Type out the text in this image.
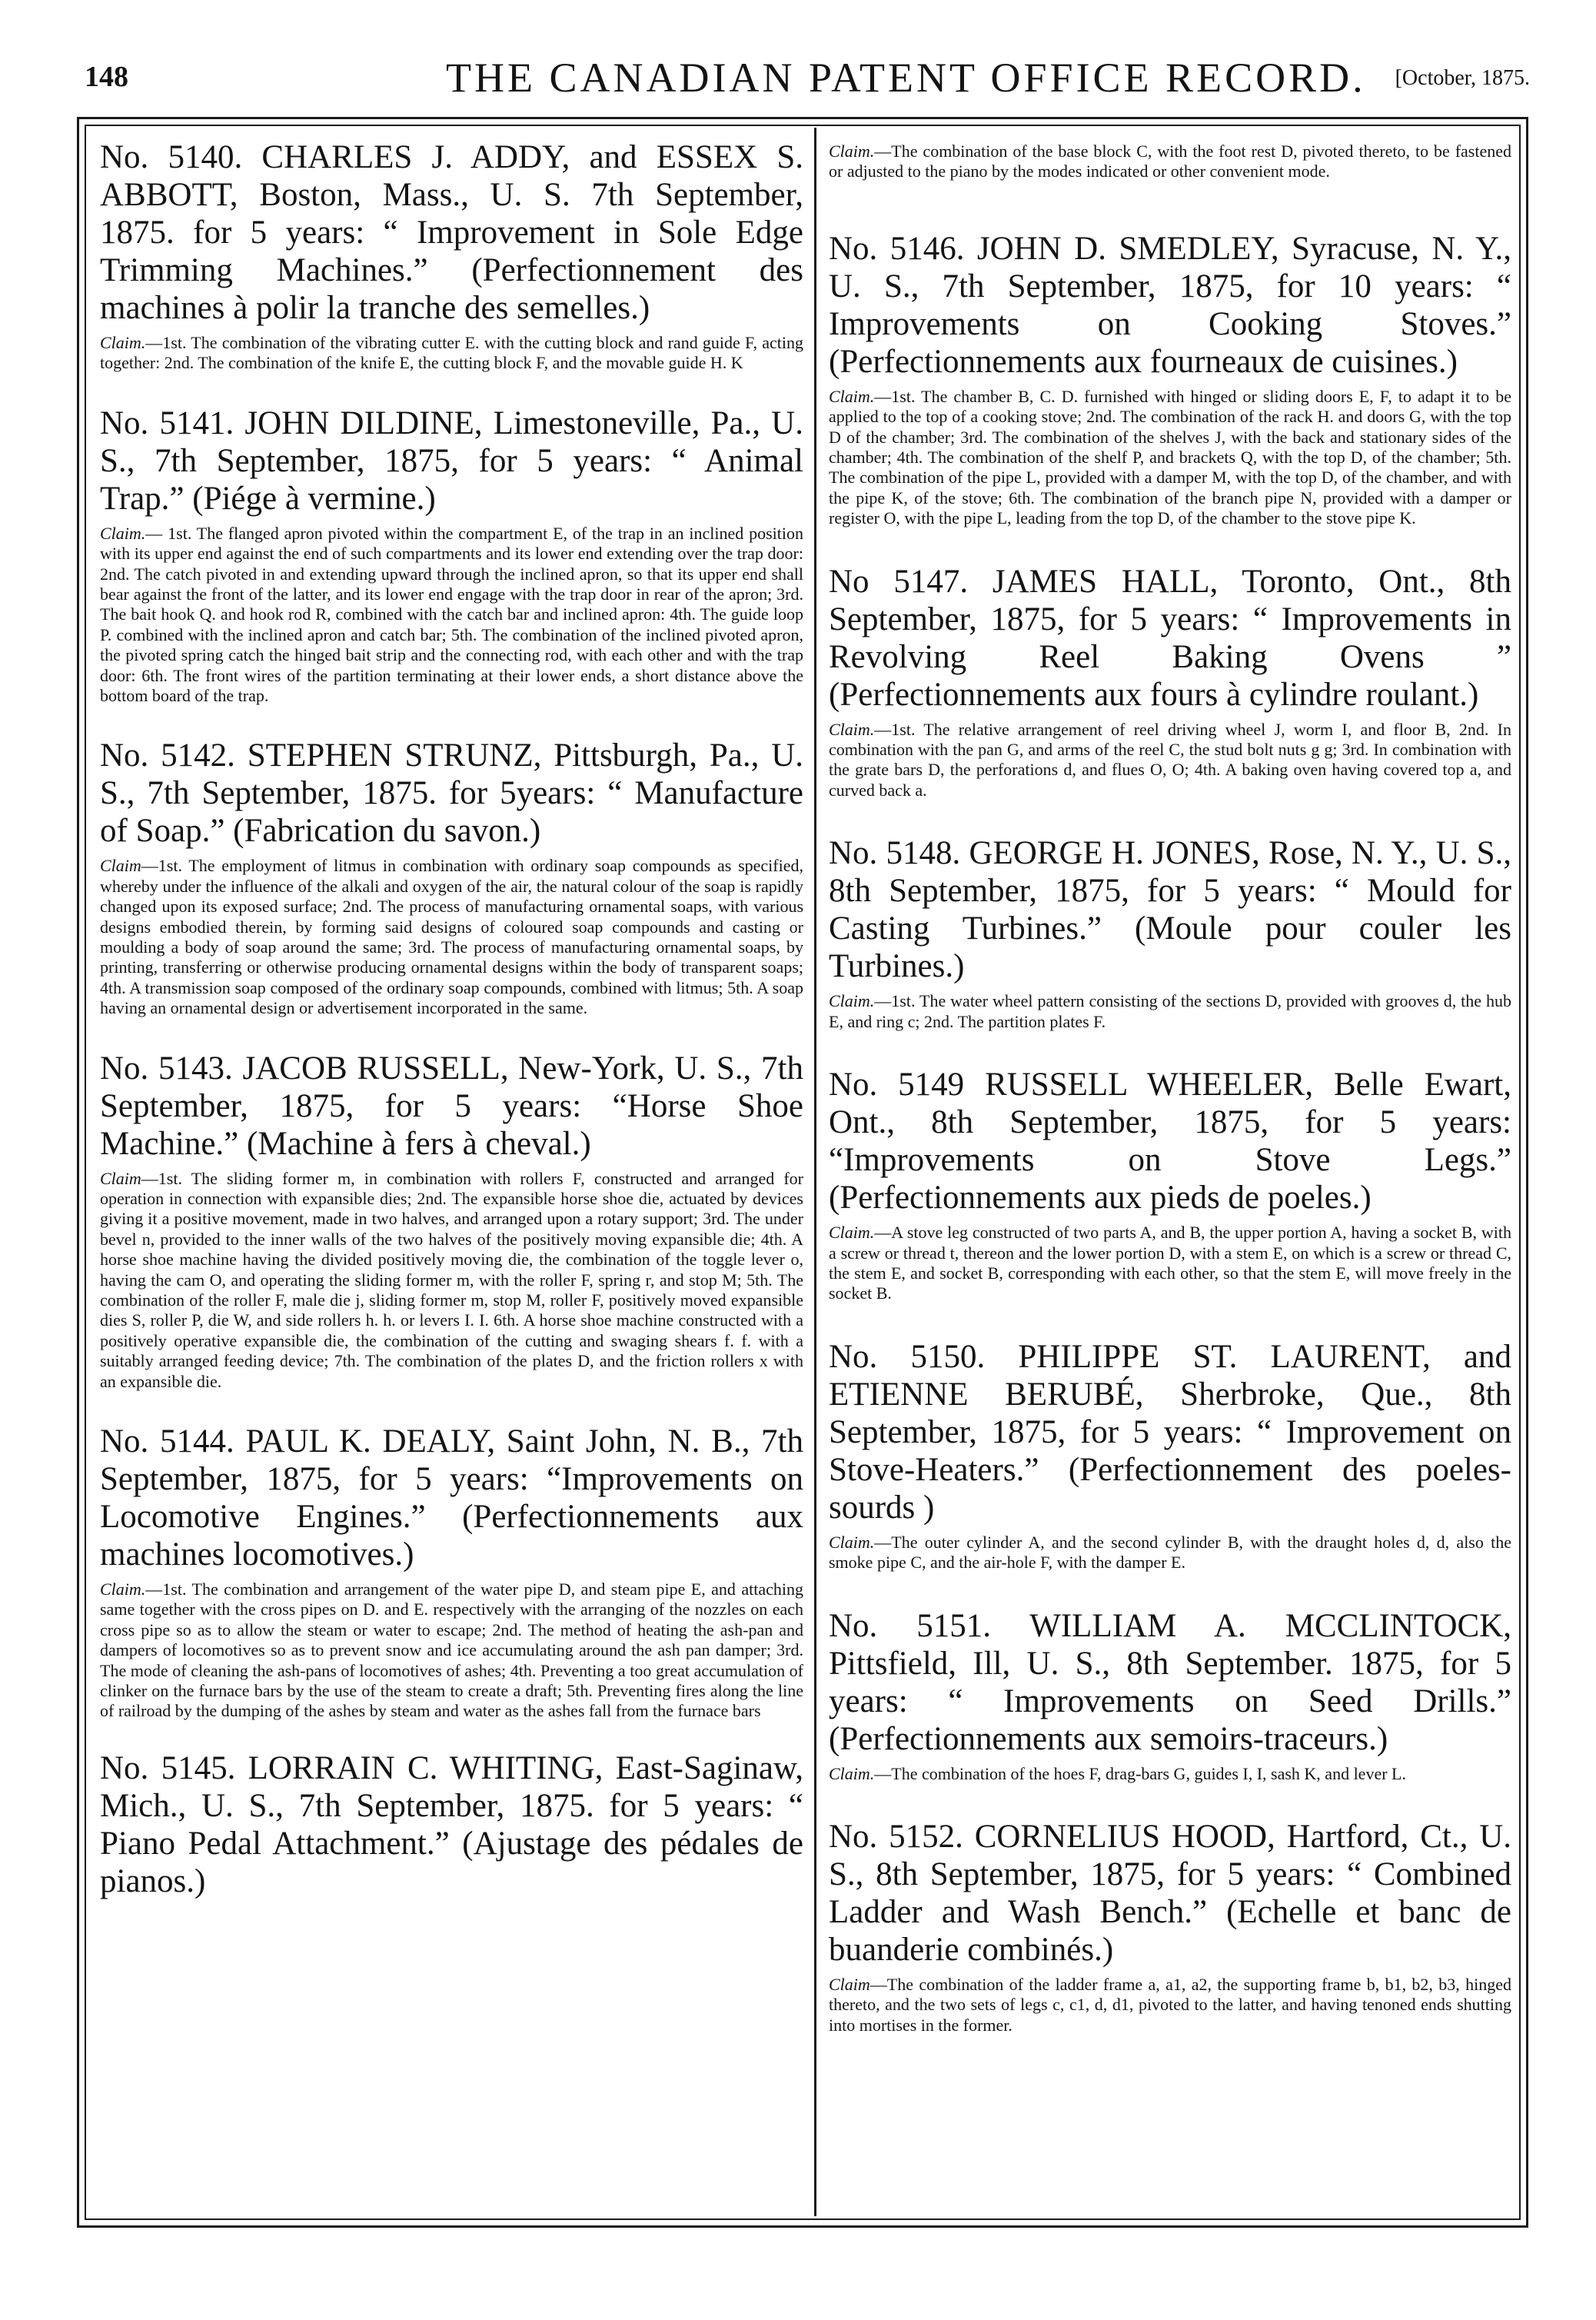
148	THE CANADIAN PATENT OFFICE RECORD. [October, 1875.

No. 5140. CHARLES J. ADDY, and ESSEX S. ABBOTT, Boston, Mass., U. S. 7th September, 1875. for 5 years: “ Improvement in Sole Edge Trimming Machines.” (Perfectionnement des machines à polir la tranche des semelles.)

Claim.—1st. The combination of the vibrating cutter E. with the cutting block and rand guide F, acting together: 2nd. The combination of the knife E, the cutting block F, and the movable guide H. K

No. 5141. JOHN DILDINE, Limestoneville, Pa., U. S., 7th September, 1875, for 5 years: “ Animal Trap.” (Piége à vermine.)

Claim.— 1st. The flanged apron pivoted within the compartment E, of the trap in an inclined position with its upper end against the end of such compartments and its lower end extending over the trap door: 2nd. The catch pivoted in and extending upward through the inclined apron, so that its upper end shall bear against the front of the latter, and its lower end engage with the trap door in rear of the apron; 3rd. The bait hook Q. and hook rod R, combined with the catch bar and inclined apron: 4th. The guide loop P. combined with the inclined apron and catch bar; 5th. The combination of the inclined pivoted apron, the pivoted spring catch the hinged bait strip and the connecting rod, with each other and with the trap door: 6th. The front wires of the partition terminating at their lower ends, a short distance above the bottom board of the trap.

No. 5142. STEPHEN STRUNZ, Pittsburgh, Pa., U. S., 7th September, 1875. for 5years: “ Manufacture of Soap.” (Fabrication du savon.)

Claim—1st. The employment of litmus in combination with ordinary soap compounds as specified, whereby under the influence of the alkali and oxygen of the air, the natural colour of the soap is rapidly changed upon its exposed surface; 2nd. The process of manufacturing ornamental soaps, with various designs embodied therein, by forming said designs of coloured soap compounds and casting or moulding a body of soap around the same; 3rd. The process of manufacturing ornamental soaps, by printing, transferring or otherwise producing ornamental designs within the body of transparent soaps; 4th. A transmission soap composed of the ordinary soap compounds, combined with litmus; 5th. A soap having an ornamental design or advertisement incorporated in the same.

No. 5143. JACOB RUSSELL, New-York, U. S., 7th September, 1875, for 5 years: “Horse Shoe Machine.” (Machine à fers à cheval.)

Claim—1st. The sliding former m, in combination with rollers F, constructed and arranged for operation in connection with expansible dies; 2nd. The expansible horse shoe die, actuated by devices giving it a positive movement, made in two halves, and arranged upon a rotary support; 3rd. The under bevel n, provided to the inner walls of the two halves of the positively moving expansible die; 4th. A horse shoe machine having the divided positively moving die, the combination of the toggle lever o, having the cam O, and operating the sliding former m, with the roller F, spring r, and stop M; 5th. The combination of the roller F, male die j, sliding former m, stop M, roller F, positively moved expansible dies S, roller P, die W, and side rollers h. h. or levers I. I. 6th. A horse shoe machine constructed with a positively operative expansible die, the combination of the cutting and swaging shears f. f. with a suitably arranged feeding device; 7th. The combination of the plates D, and the friction rollers x with an expansible die.

No. 5144. PAUL K. DEALY, Saint John, N. B., 7th September, 1875, for 5 years: “Improvements on Locomotive Engines.” (Perfectionnements aux machines locomotives.)

Claim.—1st. The combination and arrangement of the water pipe D, and steam pipe E, and attaching same together with the cross pipes on D. and E. respectively with the arranging of the nozzles on each cross pipe so as to allow the steam or water to escape; 2nd. The method of heating the ash-pan and dampers of locomotives so as to prevent snow and ice accumulating around the ash pan damper; 3rd. The mode of cleaning the ash-pans of locomotives of ashes; 4th. Preventing a too great accumulation of clinker on the furnace bars by the use of the steam to create a draft; 5th. Preventing fires along the line of railroad by the dumping of the ashes by steam and water as the ashes fall from the furnace bars

No. 5145. LORRAIN C. WHITING, East-Saginaw, Mich., U. S., 7th September, 1875. for 5 years: “ Piano Pedal Attachment.” (Ajustage des pédales de pianos.)

Claim.—The combination of the base block C, with the foot rest D, pivoted thereto, to be fastened or adjusted to the piano by the modes indicated or other convenient mode.

No. 5146. JOHN D. SMEDLEY, Syracuse, N. Y., U. S., 7th September, 1875, for 10 years: “ Improvements on Cooking Stoves.” (Perfectionnements aux fourneaux de cuisines.)

Claim.—1st. The chamber B, C. D. furnished with hinged or sliding doors E, F, to adapt it to be applied to the top of a cooking stove; 2nd. The combination of the rack H. and doors G, with the top D of the chamber; 3rd. The combination of the shelves J, with the back and stationary sides of the chamber; 4th. The combination of the shelf P, and brackets Q, with the top D, of the chamber; 5th. The combination of the pipe L, provided with a damper M, with the top D, of the chamber, and with the pipe K, of the stove; 6th. The combination of the branch pipe N, provided with a damper or register O, with the pipe L, leading from the top D, of the chamber to the stove pipe K.

No 5147. JAMES HALL, Toronto, Ont., 8th September, 1875, for 5 years: “ Improvements in Revolving Reel Baking Ovens ” (Perfectionnements aux fours à cylindre roulant.)

Claim.—1st. The relative arrangement of reel driving wheel J, worm I, and floor B, 2nd. In combination with the pan G, and arms of the reel C, the stud bolt nuts g g; 3rd. In combination with the grate bars D, the perforations d, and flues O, O; 4th. A baking oven having covered top a, and curved back a.

No. 5148. GEORGE H. JONES, Rose, N. Y., U. S., 8th September, 1875, for 5 years: “ Mould for Casting Turbines.” (Moule pour couler les Turbines.)

Claim.—1st. The water wheel pattern consisting of the sections D, provided with grooves d, the hub E, and ring c; 2nd. The partition plates F.

No. 5149 RUSSELL WHEELER, Belle Ewart, Ont., 8th September, 1875, for 5 years: “Improvements on Stove Legs.” (Perfectionnements aux pieds de poeles.)

Claim.—A stove leg constructed of two parts A, and B, the upper portion A, having a socket B, with a screw or thread t, thereon and the lower portion D, with a stem E, on which is a screw or thread C, the stem E, and socket B, corresponding with each other, so that the stem E, will move freely in the socket B.

No. 5150. PHILIPPE ST. LAURENT, and ETIENNE BERUBÉ, Sherbroke, Que., 8th September, 1875, for 5 years: “ Improvement on Stove-Heaters.” (Perfectionnement des poeles-sourds )

Claim.—The outer cylinder A, and the second cylinder B, with the draught holes d, d, also the smoke pipe C, and the air-hole F, with the damper E.

No. 5151. WILLIAM A. MCCLINTOCK, Pittsfield, Ill, U. S., 8th September. 1875, for 5 years: “ Improvements on Seed Drills.” (Perfectionnements aux semoirs-traceurs.)

Claim.—The combination of the hoes F, drag-bars G, guides I, I, sash K, and lever L.

No. 5152. CORNELIUS HOOD, Hartford, Ct., U. S., 8th September, 1875, for 5 years: “ Combined Ladder and Wash Bench.” (Echelle et banc de buanderie combinés.)

Claim—The combination of the ladder frame a, a1, a2, the supporting frame b, b1, b2, b3, hinged thereto, and the two sets of legs c, c1, d, d1, pivoted to the latter, and having tenoned ends shutting into mortises in the former.
